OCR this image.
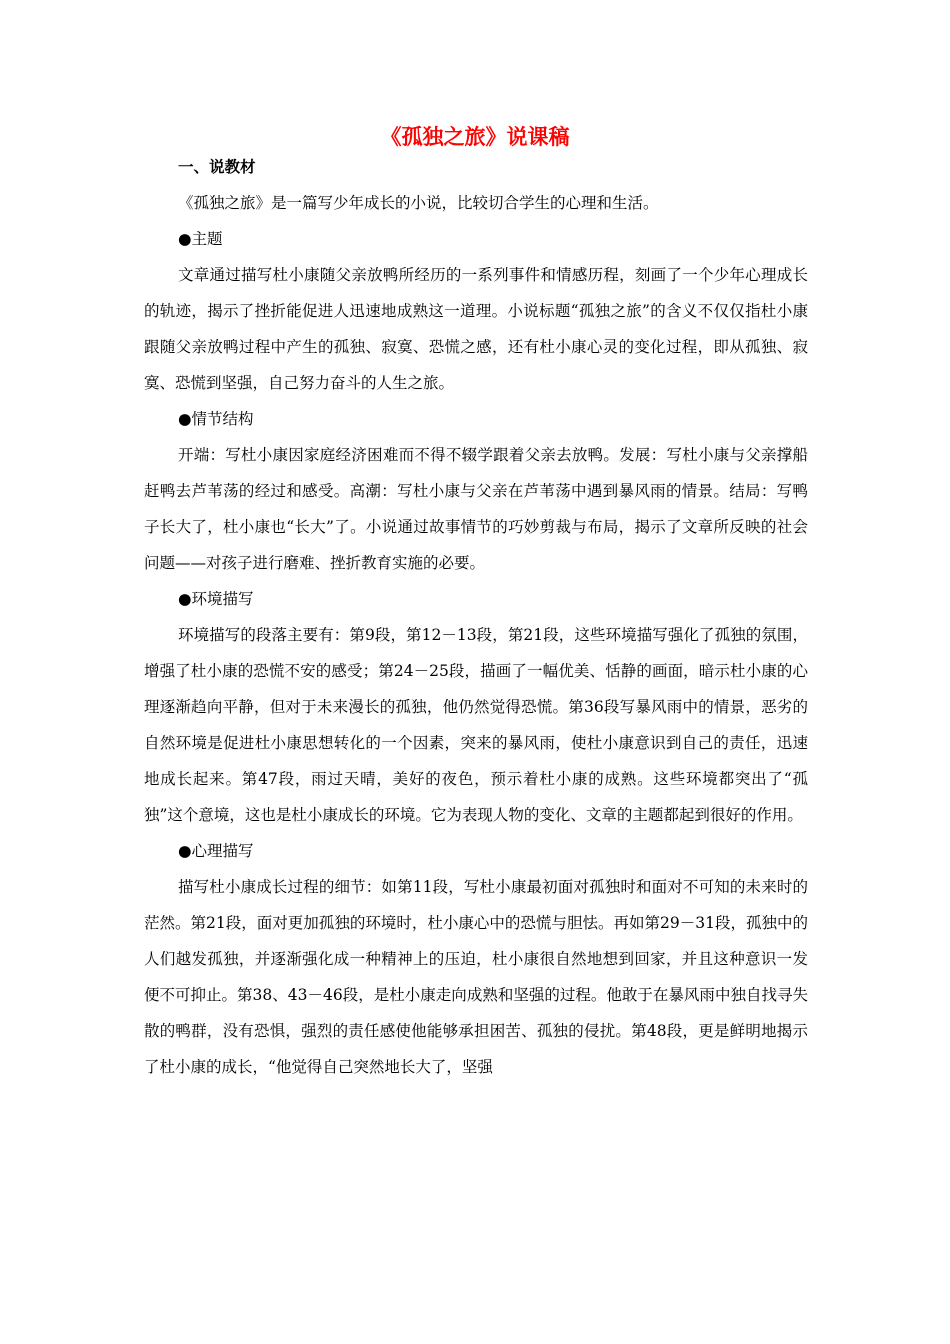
《孤独之旅》说课稿

一、说教材

《孤独之旅》是一篇写少年成长的小说，比较切合学生的心理和生活。

●主题

文章通过描写杜小康随父亲放鸭所经历的一系列事件和情感历程，刻画了一个少年心理成长的轨迹，揭示了挫折能促进人迅速地成熟这一道理。小说标题“孤独之旅”的含义不仅仅指杜小康跟随父亲放鸭过程中产生的孤独、寂寞、恐慌之感，还有杜小康心灵的变化过程，即从孤独、寂寞、恐慌到坚强，自己努力奋斗的人生之旅。

●情节结构

开端：写杜小康因家庭经济困难而不得不辍学跟着父亲去放鸭。发展：写杜小康与父亲撑船赶鸭去芦苇荡的经过和感受。高潮：写杜小康与父亲在芦苇荡中遇到暴风雨的情景。结局：写鸭子长大了，杜小康也“长大”了。小说通过故事情节的巧妙剪裁与布局，揭示了文章所反映的社会问题——对孩子进行磨难、挫折教育实施的必要。

●环境描写

环境描写的段落主要有：第9段，第12－13段，第21段，这些环境描写强化了孤独的氛围，增强了杜小康的恐慌不安的感受；第24－25段，描画了一幅优美、恬静的画面，暗示杜小康的心理逐渐趋向平静，但对于未来漫长的孤独，他仍然觉得恐慌。第36段写暴风雨中的情景，恶劣的自然环境是促进杜小康思想转化的一个因素，突来的暴风雨，使杜小康意识到自己的责任，迅速地成长起来。第47段，雨过天晴，美好的夜色，预示着杜小康的成熟。这些环境都突出了“孤独”这个意境，这也是杜小康成长的环境。它为表现人物的变化、文章的主题都起到很好的作用。

●心理描写

描写杜小康成长过程的细节：如第11段，写杜小康最初面对孤独时和面对不可知的未来时的茫然。第21段，面对更加孤独的环境时，杜小康心中的恐慌与胆怯。再如第29－31段，孤独中的人们越发孤独，并逐渐强化成一种精神上的压迫，杜小康很自然地想到回家，并且这种意识一发便不可抑止。第38、43－46段，是杜小康走向成熟和坚强的过程。他敢于在暴风雨中独自找寻失散的鸭群，没有恐惧，强烈的责任感使他能够承担困苦、孤独的侵扰。第48段，更是鲜明地揭示了杜小康的成长，“他觉得自己突然地长大了，坚强
